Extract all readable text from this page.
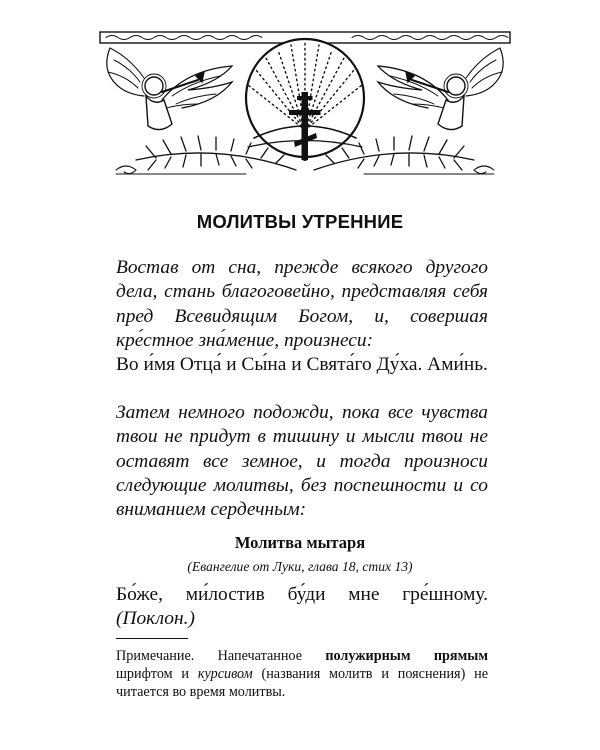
МОЛИТВЫ УТРЕННИЕ

Востав от сна, прежде всякого другого дела, стань благоговейно, представляя себя пред Всевидящим Богом, и, совершая кре́стное зна́мение, произнеси:

Во и́мя Отца́ и Сы́на и Свята́го Ду́ха. Ами́нь.

Затем немного подожди, пока все чувства твои не придут в тишину и мысли твои не оставят все земное, и тогда произноси следующие молитвы, без поспешности и со вниманием сердечным:

Молитва мытаря

(Евангелие от Луки, глава 18, стих 13)

Бо́же, ми́лостив бу́ди мне гре́шному. (Поклон.)

Примечание. Напечатанное полужирным прямым шрифтом и курсивом (названия молитв и пояснения) не читается во время молитвы.
